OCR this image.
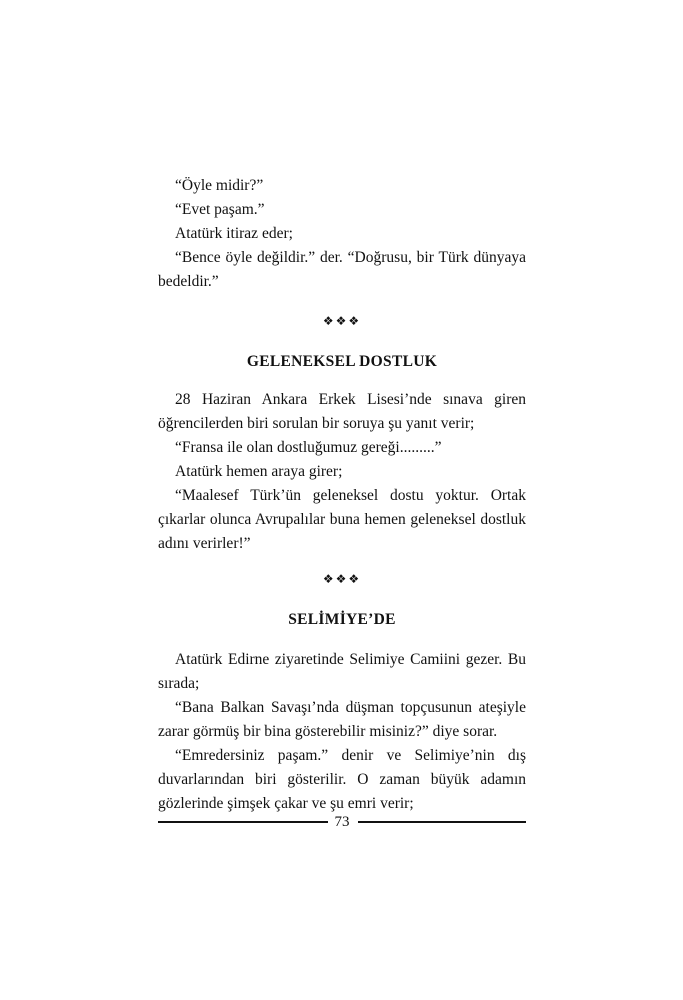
“Öyle midir?”

“Evet paşam.”

Atatürk itiraz eder;

“Bence öyle değildir.” der. “Doğrusu, bir Türk dünyaya bedeldir.”

❖❖❖
GELENEKSEL DOSTLUK

28 Haziran Ankara Erkek Lisesi’nde sınava giren öğrencilerden biri sorulan bir soruya şu yanıt verir;

“Fransa ile olan dostluğumuz gereği.........”

Atatürk hemen araya girer;

“Maalesef Türk’ün geleneksel dostu yoktur. Ortak çıkarlar olunca Avrupalılar buna hemen geleneksel dostluk adını verirler!”

❖❖❖
SELİMİYE’DE

Atatürk Edirne ziyaretinde Selimiye Camiini gezer. Bu sırada;

“Bana Balkan Savaşı’nda düşman topçusunun ateşiyle zarar görmüş bir bina gösterebilir misiniz?” diye sorar.

“Emredersiniz paşam.” denir ve Selimiye’nin dış duvarlarından biri gösterilir. O zaman büyük adamın gözlerinde şimşek çakar ve şu emri verir;

73
